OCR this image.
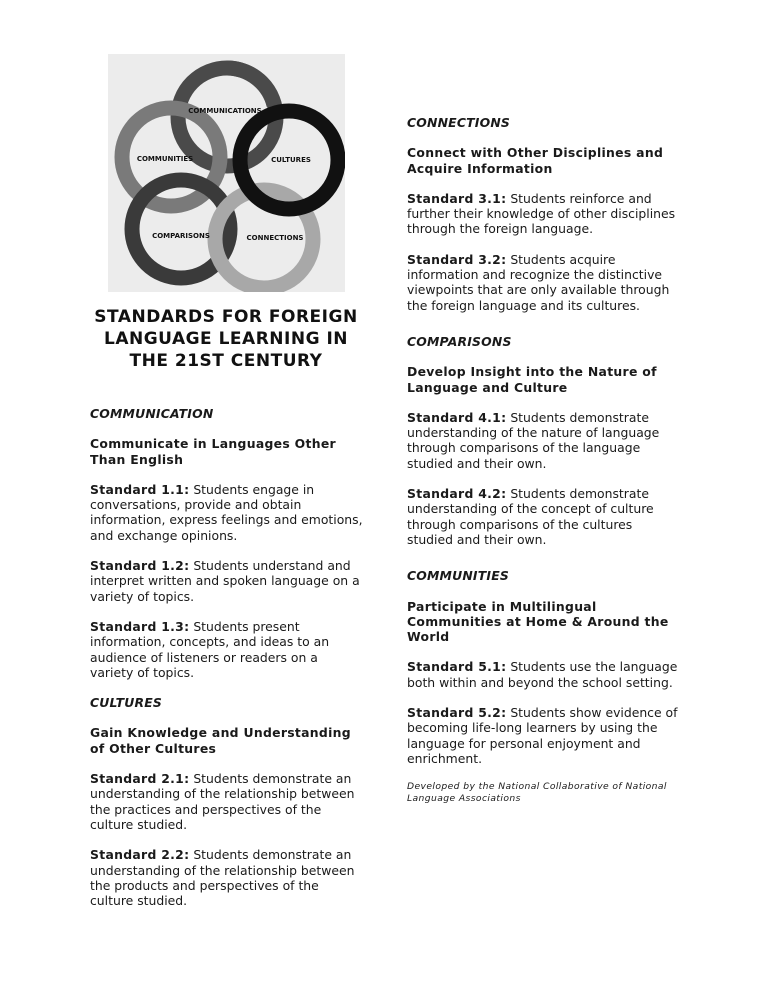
COMMUNICATIONS
COMMUNITIES	CULTURES
COMPARISONS	CONNECTIONS
STANDARDS FOR FOREIGN LANGUAGE LEARNING IN THE 21ST CENTURY
COMMUNICATION
Communicate in Languages Other Than English
Standard 1.1: Students engage in conversations, provide and obtain information, express feelings and emotions, and exchange opinions.
Standard 1.2: Students understand and interpret written and spoken language on a variety of topics.
Standard 1.3: Students present information, concepts, and ideas to an audience of listeners or readers on a variety of topics.
CULTURES
Gain Knowledge and Understanding of Other Cultures
Standard 2.1: Students demonstrate an understanding of the relationship between the practices and perspectives of the culture studied.
Standard 2.2: Students demonstrate an understanding of the relationship between the products and perspectives of the culture studied.
CONNECTIONS
Connect with Other Disciplines and Acquire Information
Standard 3.1: Students reinforce and further their knowledge of other disciplines through the foreign language.
Standard 3.2: Students acquire information and recognize the distinctive viewpoints that are only available through the foreign language and its cultures.
COMPARISONS
Develop Insight into the Nature of Language and Culture
Standard 4.1: Students demonstrate understanding of the nature of language through comparisons of the language studied and their own.
Standard 4.2: Students demonstrate understanding of the concept of culture through comparisons of the cultures studied and their own.
COMMUNITIES
Participate in Multilingual Communities at Home & Around the World
Standard 5.1: Students use the language both within and beyond the school setting.
Standard 5.2: Students show evidence of becoming life-long learners by using the language for personal enjoyment and enrichment.
Developed by the National Collaborative of National Language Associations
